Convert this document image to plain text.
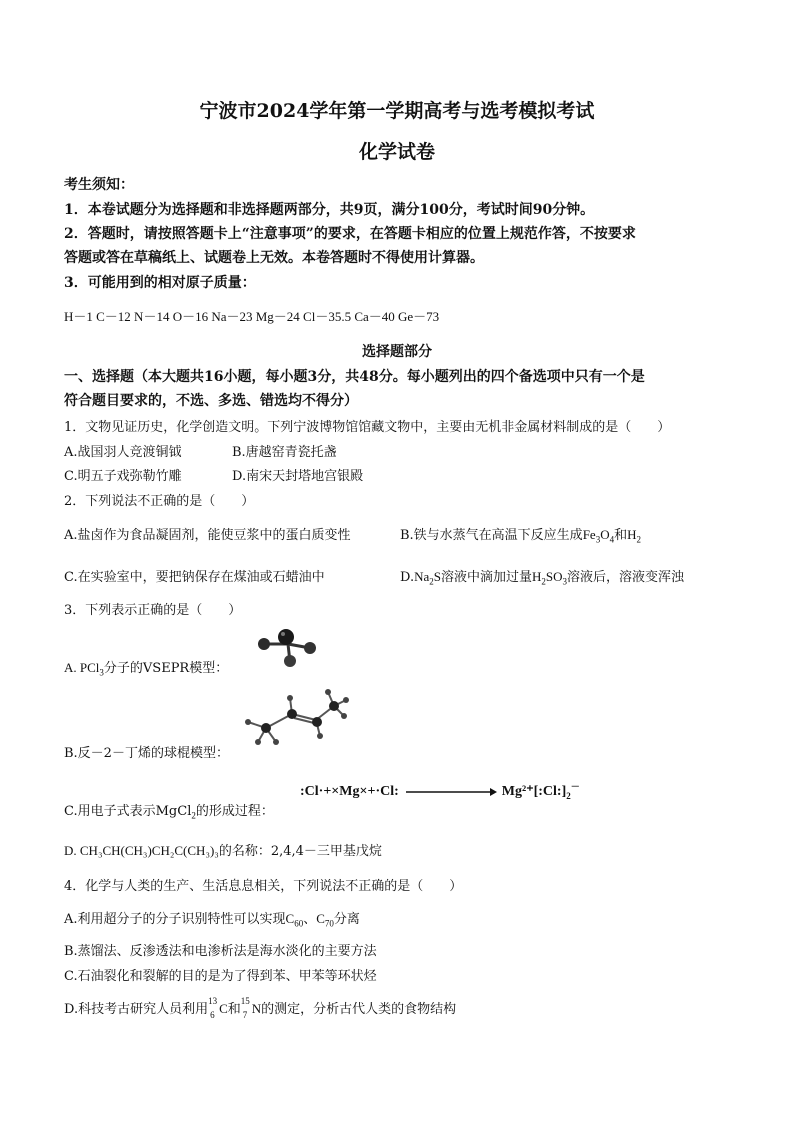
宁波市2024学年第一学期高考与选考模拟考试
化学试卷
考生须知：
1．本卷试题分为选择题和非选择题两部分，共9页，满分100分，考试时间90分钟。
2．答题时，请按照答题卡上“注意事项”的要求，在答题卡相应的位置上规范作答，不按要求
答题或答在草稿纸上、试题卷上无效。本卷答题时不得使用计算器。
3．可能用到的相对原子质量：
H－1 C－12 N－14 O－16 Na－23 Mg－24 Cl－35.5 Ca－40 Ge－73
选择题部分
一、选择题（本大题共16小题，每小题3分，共48分。每小题列出的四个备选项中只有一个是
符合题目要求的，不选、多选、错选均不得分）
1．文物见证历史，化学创造文明。下列宁波博物馆馆藏文物中，主要由无机非金属材料制成的是（　　）
A.战国羽人竞渡铜钺	B.唐越窑青瓷托盏
C.明五子戏弥勒竹雕	D.南宋天封塔地宫银殿
2．下列说法不正确的是（　　）
A.盐卤作为食品凝固剂，能使豆浆中的蛋白质变性	B.铁与水蒸气在高温下反应生成$Fe_3O_4$和$H_2$
C.在实验室中，要把钠保存在煤油或石蜡油中	$D.Na_2S$溶液中滴加过量$H_2SO_3$溶液后，溶液变浑浊
3．下列表示正确的是（　　）
A. PCl$_3$分子的VSEPR模型：
B.反－2－丁烯的球棍模型：
C.用电子式表示MgCl$_2$的形成过程：
:Cl·+×Mg×+·Cl:	$Mg^{2+}[:Cl:]_2^-$
D. CH₃CH(CH₃)CH₂C(CH₃)₃的名称：2,4,4－三甲基戊烷
4．化学与人类的生产、生活息息相关，下列说法不正确的是（　　）
A.利用超分子的分子识别特性可以实现$C_{60}$、$C_{70}$分离
B.蒸馏法、反渗透法和电渗析法是海水淡化的主要方法
C.石油裂化和裂解的目的是为了得到苯、甲苯等环状烃
D.科技考古研究人员利用
13
6 C和
15
7 N的测定，分析古代人类的食物结构
